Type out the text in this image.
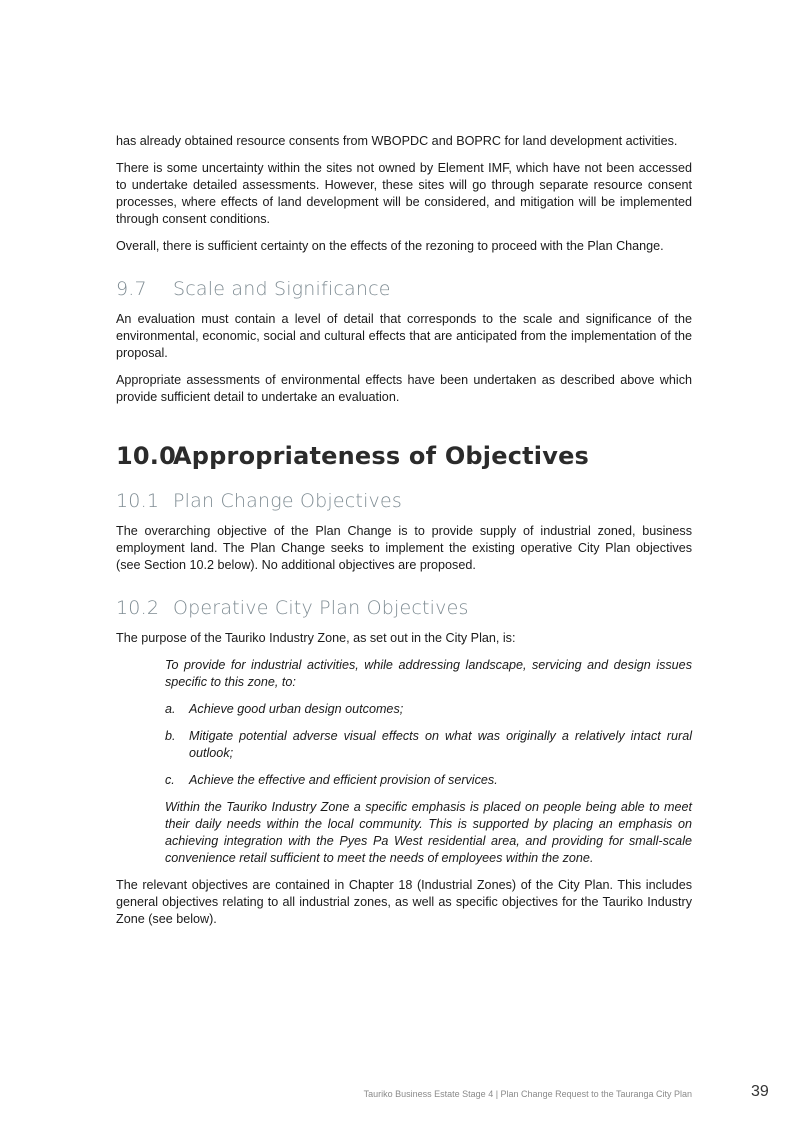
has already obtained resource consents from WBOPDC and BOPRC for land development activities.

There is some uncertainty within the sites not owned by Element IMF, which have not been accessed to undertake detailed assessments. However, these sites will go through separate resource consent processes, where effects of land development will be considered, and mitigation will be implemented through consent conditions.

Overall, there is sufficient certainty on the effects of the rezoning to proceed with the Plan Change.

9.7	Scale and Significance

An evaluation must contain a level of detail that corresponds to the scale and significance of the environmental, economic, social and cultural effects that are anticipated from the implementation of the proposal.

Appropriate assessments of environmental effects have been undertaken as described above which provide sufficient detail to undertake an evaluation.

10.0
Appropriateness of Objectives
10.1 Plan Change Objectives

The overarching objective of the Plan Change is to provide supply of industrial zoned, business employment land. The Plan Change seeks to implement the existing operative City Plan objectives (see Section 10.2 below). No additional objectives are proposed.

10.2 Operative City Plan Objectives

The purpose of the Tauriko Industry Zone, as set out in the City Plan, is:

To provide for industrial activities, while addressing landscape, servicing and design issues specific to this zone, to:

a.	Achieve good urban design outcomes;
b.	Mitigate potential adverse visual effects on what was originally a relatively intact rural outlook;
c.	Achieve the effective and efficient provision of services.

Within the Tauriko Industry Zone a specific emphasis is placed on people being able to meet their daily needs within the local community. This is supported by placing an emphasis on achieving integration with the Pyes Pa West residential area, and providing for small-scale convenience retail sufficient to meet the needs of employees within the zone.

The relevant objectives are contained in Chapter 18 (Industrial Zones) of the City Plan. This includes general objectives relating to all industrial zones, as well as specific objectives for the Tauriko Industry Zone (see below).

Tauriko Business Estate Stage 4 | Plan Change Request to the Tauranga City Plan	39
